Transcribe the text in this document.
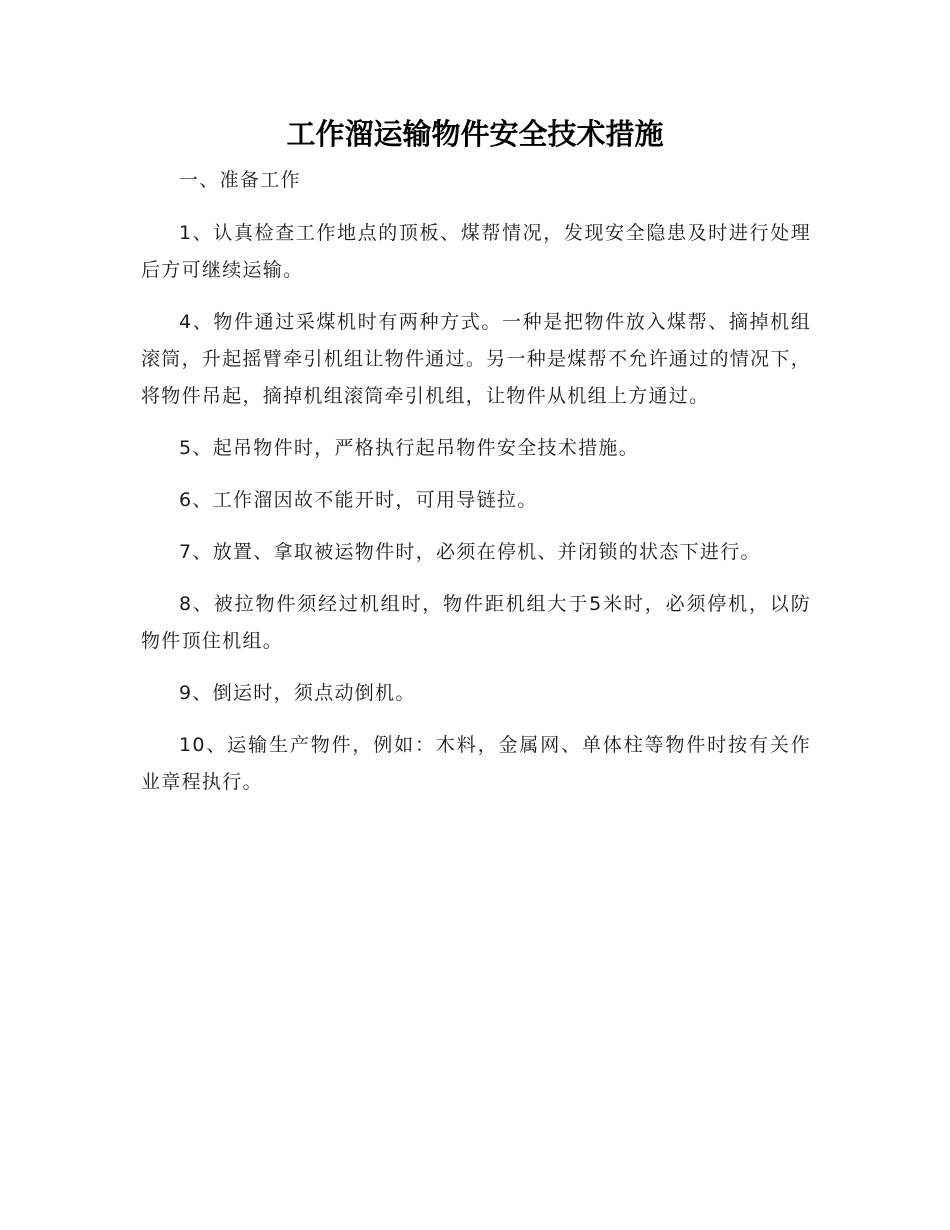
工作溜运输物件安全技术措施

一、准备工作

1、认真检查工作地点的顶板、煤帮情况，发现安全隐患及时进行处理后方可继续运输。

4、物件通过采煤机时有两种方式。一种是把物件放入煤帮、摘掉机组滚筒，升起摇臂牵引机组让物件通过。另一种是煤帮不允许通过的情况下，将物件吊起，摘掉机组滚筒牵引机组，让物件从机组上方通过。

5、起吊物件时，严格执行起吊物件安全技术措施。

6、工作溜因故不能开时，可用导链拉。

7、放置、拿取被运物件时，必须在停机、并闭锁的状态下进行。

8、被拉物件须经过机组时，物件距机组大于5米时，必须停机，以防物件顶住机组。

9、倒运时，须点动倒机。

10、运输生产物件，例如：木料，金属网、单体柱等物件时按有关作业章程执行。
